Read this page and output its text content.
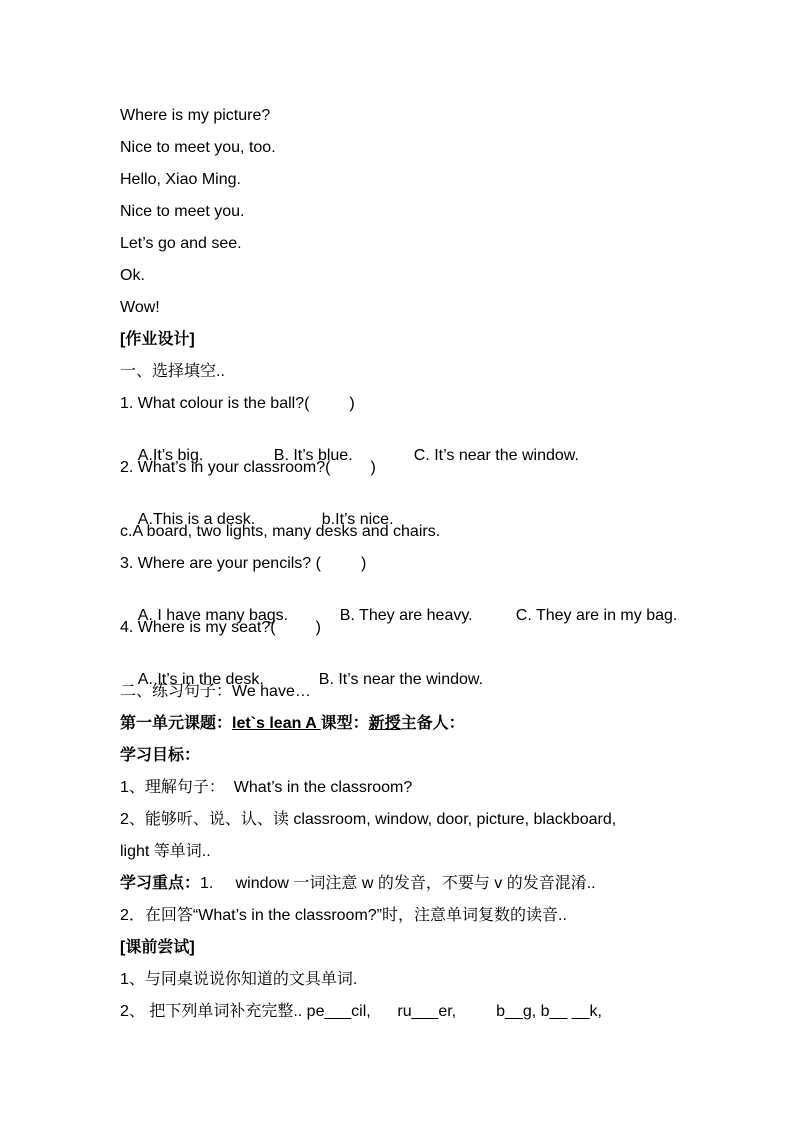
Where is my picture?
Nice to meet you, too.
Hello, Xiao Ming.
Nice to meet you.
Let’s go and see.
Ok.
Wow!
[作业设计]
一、选择填空..
1. What colour is the ball?(         )

A.It’s big.	B. It’s blue.	C. It’s near the window.

2. What’s in your classroom?(         )

A.This is a desk.	b.It’s nice.

c.A board, two lights, many desks and chairs.
3. Where are your pencils? (         )

A. I have many bags.	B. They are heavy.	C. They are in my bag.

4. Where is my seat?(         )

A. It’s in the desk.	B. It’s near the window.

二、练习句子：We have…
第一单元课题：let`s lean A 课型：新授主备人：
学习目标：
1、理解句子：  What’s in the classroom?
2、能够听、说、认、读 classroom, window, door, picture, blackboard,
light 等单词..
学习重点：1.     window 一词注意 w 的发音，不要与 v 的发音混淆..
2．在回答“What’s in the classroom?”时，注意单词复数的读音..
[课前尝试]
1、与同桌说说你知道的文具单词.
2、 把下列单词补充完整.. pe___cil,      ru___er,         b__g, b__ __k,
